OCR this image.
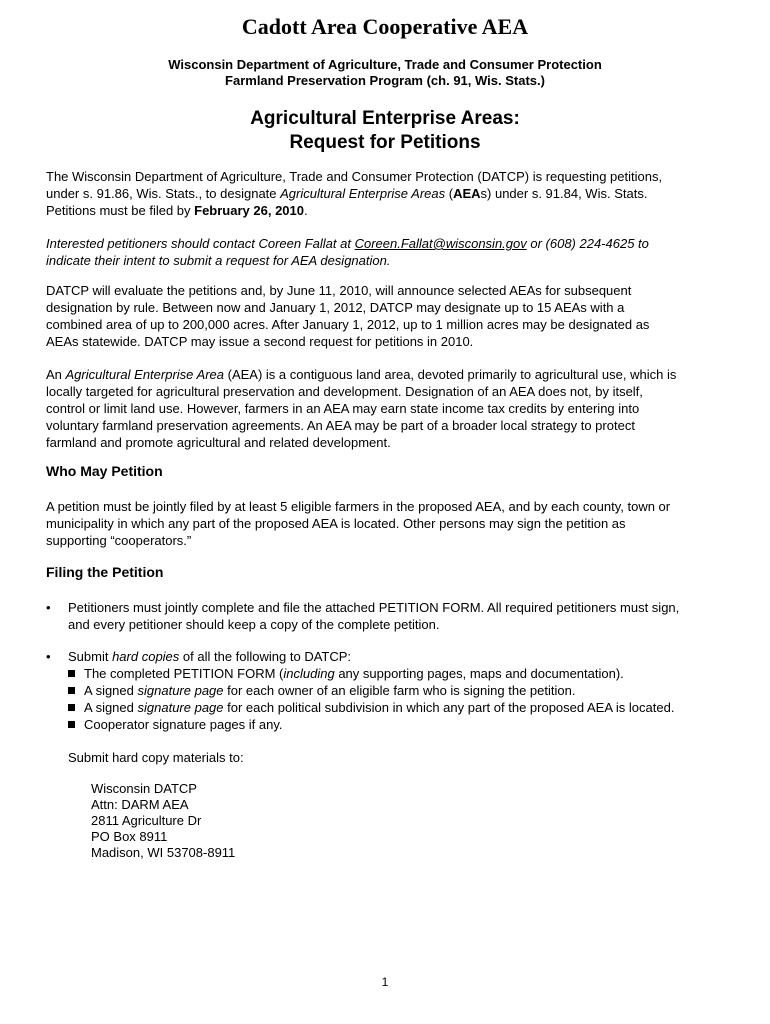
Cadott Area Cooperative AEA
Wisconsin Department of Agriculture, Trade and Consumer Protection
Farmland Preservation Program (ch. 91, Wis. Stats.)
Agricultural Enterprise Areas:
Request for Petitions
The Wisconsin Department of Agriculture, Trade and Consumer Protection (DATCP) is requesting petitions,
under s. 91.86, Wis. Stats., to designate Agricultural Enterprise Areas (AEAs) under s. 91.84, Wis. Stats.
Petitions must be filed by February 26, 2010.
Interested petitioners should contact Coreen Fallat at Coreen.Fallat@wisconsin.gov or (608) 224-4625 to
indicate their intent to submit a request for AEA designation.
DATCP will evaluate the petitions and, by June 11, 2010, will announce selected AEAs for subsequent
designation by rule. Between now and January 1, 2012, DATCP may designate up to 15 AEAs with a
combined area of up to 200,000 acres. After January 1, 2012, up to 1 million acres may be designated as
AEAs statewide. DATCP may issue a second request for petitions in 2010.
An Agricultural Enterprise Area (AEA) is a contiguous land area, devoted primarily to agricultural use, which is
locally targeted for agricultural preservation and development. Designation of an AEA does not, by itself,
control or limit land use. However, farmers in an AEA may earn state income tax credits by entering into
voluntary farmland preservation agreements. An AEA may be part of a broader local strategy to protect
farmland and promote agricultural and related development.
Who May Petition
A petition must be jointly filed by at least 5 eligible farmers in the proposed AEA, and by each county, town or
municipality in which any part of the proposed AEA is located. Other persons may sign the petition as
supporting “cooperators.”
Filing the Petition
• Petitioners must jointly complete and file the attached PETITION FORM. All required petitioners must sign,
and every petitioner should keep a copy of the complete petition.
• Submit hard copies of all the following to DATCP:
The completed PETITION FORM (including any supporting pages, maps and documentation).
A signed signature page for each owner of an eligible farm who is signing the petition.
A signed signature page for each political subdivision in which any part of the proposed AEA is located.
Cooperator signature pages if any.
Submit hard copy materials to:
Wisconsin DATCP
Attn: DARM AEA
2811 Agriculture Dr
PO Box 8911
Madison, WI 53708-8911
1
